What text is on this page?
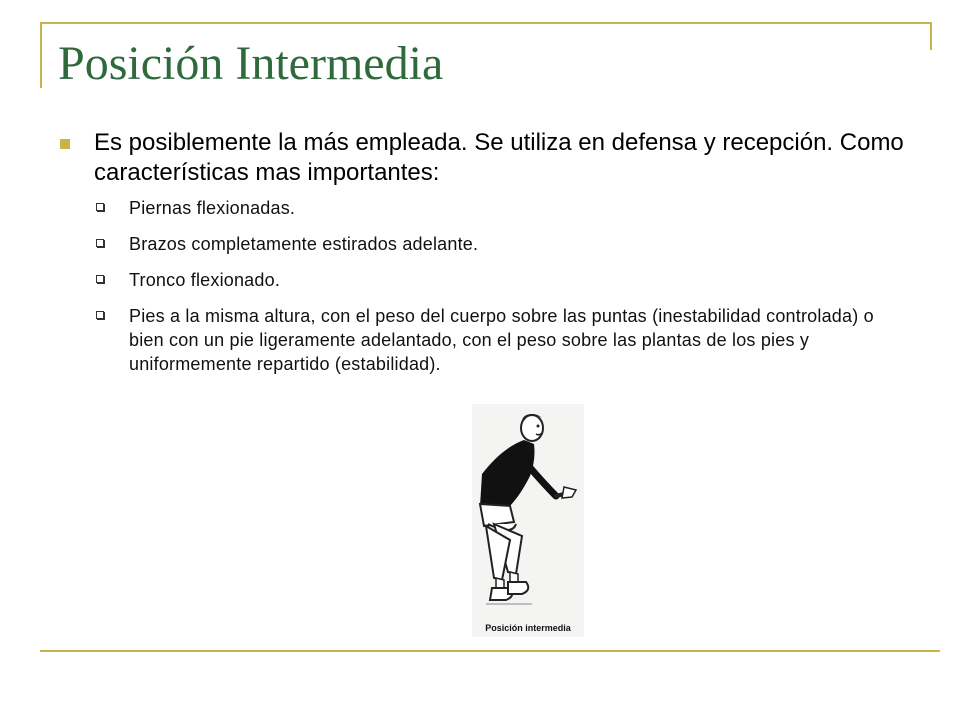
Posición Intermedia

Es posiblemente la más empleada. Se utiliza en defensa y recepción. Como características mas importantes:

Piernas flexionadas.
Brazos completamente estirados adelante.
Tronco flexionado.
Pies a la misma altura, con el peso del cuerpo sobre las puntas (inestabilidad controlada) o bien con un pie ligeramente adelantado, con el peso sobre las plantas de los pies y uniformemente repartido (estabilidad).
Posición intermedia
